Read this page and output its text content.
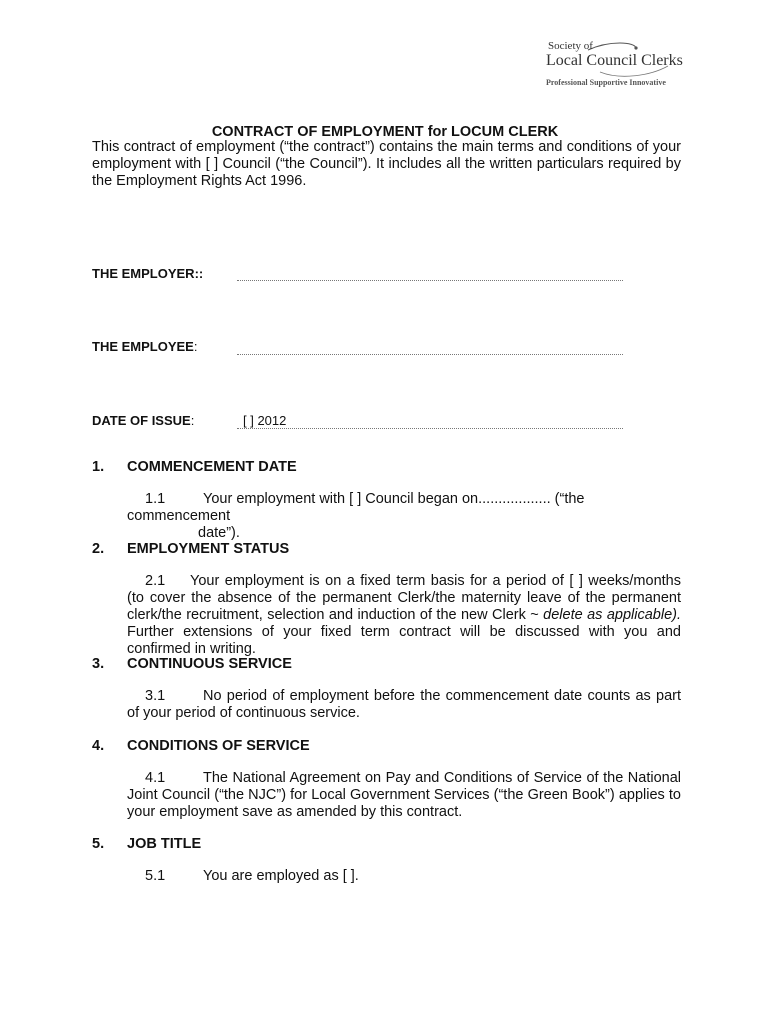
Society of
Local Council Clerks
Professional Supportive Innovative
CONTRACT OF EMPLOYMENT for LOCUM CLERK
This contract of employment (“the contract”) contains the main terms and conditions of your employment with [ ] Council (“the Council”). It includes all the written particulars required by the Employment Rights Act 1996.
THE EMPLOYER::
THE EMPLOYEE:
DATE OF ISSUE:	[ ] 2012
1. COMMENCEMENT DATE
1.1	Your employment with [ ] Council began on.................. (“the commencement
date”).
2. EMPLOYMENT STATUS
2.1 Your employment is on a fixed term basis for a period of [ ] weeks/months (to cover the absence of the permanent Clerk/the maternity leave of the permanent clerk/the recruitment, selection and induction of the new Clerk ~ delete as applicable). Further extensions of your fixed term contract will be discussed with you and confirmed in writing.
3. CONTINUOUS SERVICE
3.1	No period of employment before the commencement date counts as part of your period of continuous service.
4. CONDITIONS OF SERVICE
4.1	The National Agreement on Pay and Conditions of Service of the National Joint Council (“the NJC”) for Local Government Services (“the Green Book”) applies to your employment save as amended by this contract.
5. JOB TITLE
5.1	You are employed as [ ].
